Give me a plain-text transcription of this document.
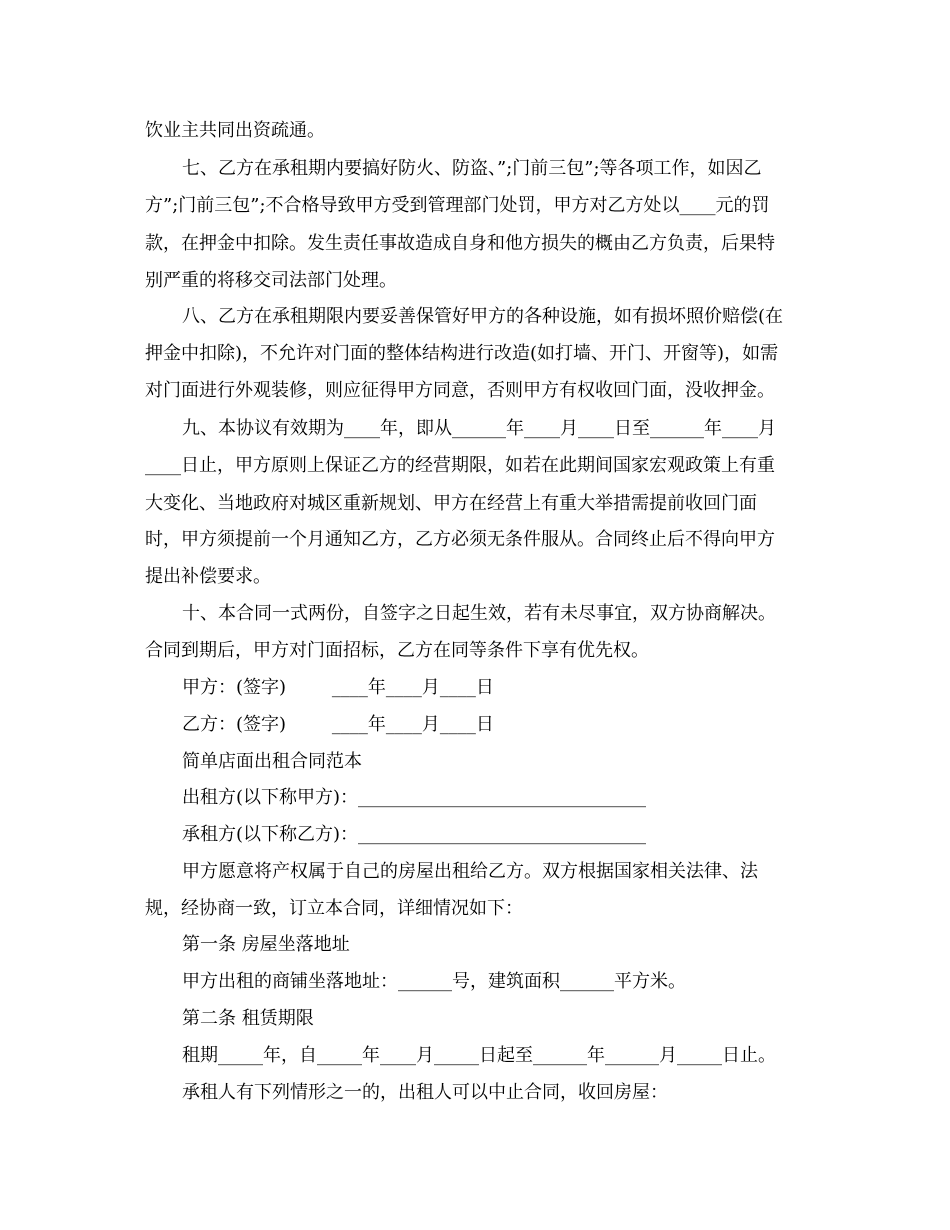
饮业主共同出资疏通。
七、乙方在承租期内要搞好防火、防盗、”;门前三包”;等各项工作，如因乙
方”;门前三包”;不合格导致甲方受到管理部门处罚，甲方对乙方处以____元的罚
款，在押金中扣除。发生责任事故造成自身和他方损失的概由乙方负责，后果特
别严重的将移交司法部门处理。
八、乙方在承租期限内要妥善保管好甲方的各种设施，如有损坏照价赔偿(在
押金中扣除)，不允许对门面的整体结构进行改造(如打墙、开门、开窗等)，如需
对门面进行外观装修，则应征得甲方同意，否则甲方有权收回门面，没收押金。
九、本协议有效期为____年，即从______年____月____日至______年____月
____日止，甲方原则上保证乙方的经营期限，如若在此期间国家宏观政策上有重
大变化、当地政府对城区重新规划、甲方在经营上有重大举措需提前收回门面
时，甲方须提前一个月通知乙方，乙方必须无条件服从。合同终止后不得向甲方
提出补偿要求。
十、本合同一式两份，自签字之日起生效，若有未尽事宜，双方协商解决。
合同到期后，甲方对门面招标，乙方在同等条件下享有优先权。
甲方：(签字)        ____年____月____日
乙方：(签字)        ____年____月____日
简单店面出租合同范本
出租方(以下称甲方)：________________________________
承租方(以下称乙方)：________________________________
甲方愿意将产权属于自己的房屋出租给乙方。双方根据国家相关法律、法
规，经协商一致，订立本合同，详细情况如下：
第一条 房屋坐落地址
甲方出租的商铺坐落地址：______号，建筑面积______平方米。
第二条 租赁期限
租期_____年，自_____年____月_____日起至______年______月_____日止。
承租人有下列情形之一的，出租人可以中止合同，收回房屋：
